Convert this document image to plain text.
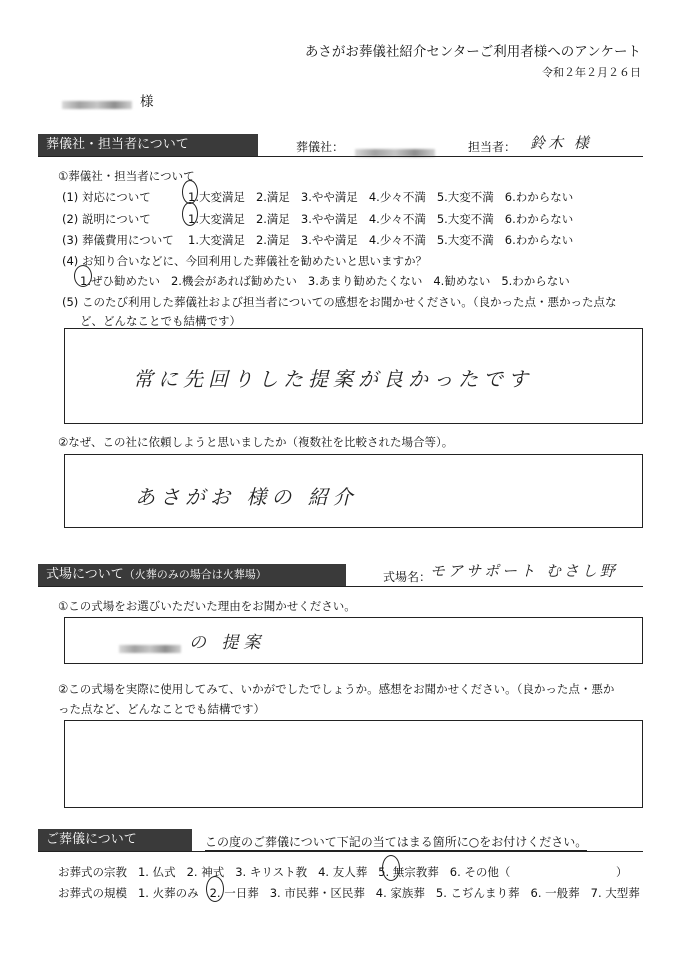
あさがお葬儀社紹介センターご利用者様へのアンケート
令和２年２月２６日
様
葬儀社・担当者について	葬儀社：	担当者： 鈴木 様
①葬儀社・担当者について
(1) 対応について	1.大変満足 2.満足 3.やや満足 4.少々不満 5.大変不満 6.わからない
(2) 説明について	1.大変満足 2.満足 3.やや満足 4.少々不満 5.大変不満 6.わからない
(3) 葬儀費用について 1.大変満足 2.満足 3.やや満足 4.少々不満 5.大変不満 6.わからない
(4) お知り合いなどに、今回利用した葬儀社を勧めたいと思いますか？
1.ぜひ勧めたい 2.機会があれば勧めたい 3.あまり勧めたくない 4.勧めない 5.わからない
(5) このたび利用した葬儀社および担当者についての感想をお聞かせください。（良かった点・悪かった点な
ど、どんなことでも結構です）
常に先回りした提案が良かったです
②なぜ、この社に依頼しようと思いましたか（複数社を比較された場合等）。
あさがお 様の 紹介
式場について（火葬のみの場合は火葬場）	式場名：
モアサポート むさし野
①この式場をお選びいただいた理由をお聞かせください。
の 提案
②この式場を実際に使用してみて、いかがでしたでしょうか。感想をお聞かせください。（良かった点・悪か
った点など、どんなことでも結構です）
ご葬儀について	この度のご葬儀について下記の当てはまる箇所に○をお付けください。
お葬式の宗教 1. 仏式 2. 神式 3. キリスト教 4. 友人葬 5. 無宗教葬 6. その他（	）
お葬式の規模 1. 火葬のみ 2. 一日葬 3. 市民葬・区民葬 4. 家族葬 5. こぢんまり葬 6. 一般葬 7. 大型葬
